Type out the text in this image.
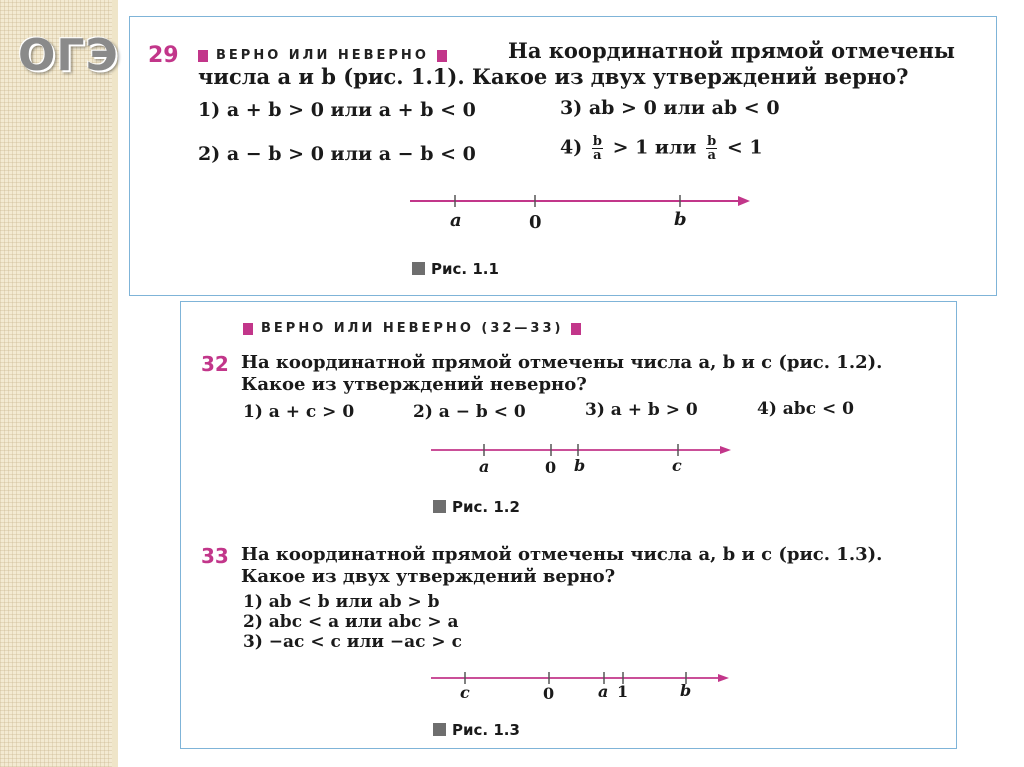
ОГЭ 29	ВЕРНО ИЛИ НЕВЕРНО	На координатной прямой отмечены
числа a и b (рис. 1.1). Какое из двух утверждений верно?
1) a + b > 0 или a + b < 0	3) ab > 0 или ab < 0
2) a − b > 0 или a − b < 0	$4) \frac{b}{a} > 1$ или $\frac{b}{a} < 1$
a	0	b
Рис. 1.1
ВЕРНО ИЛИ НЕВЕРНО (32—33)
32 На координатной прямой отмечены числа a, b и c (рис. 1.2).
Какое из утверждений неверно?
1) a + c > 0	2) a − b < 0	3) a + b > 0	4) abc < 0
a	0 b	c
Рис. 1.2
33 На координатной прямой отмечены числа a, b и c (рис. 1.3).
Какое из двух утверждений верно?
1) ab < b или ab > b
2) abc < a или abc > a
3) −ac < c или −ac > c
c	0	a 1	b
Рис. 1.3
